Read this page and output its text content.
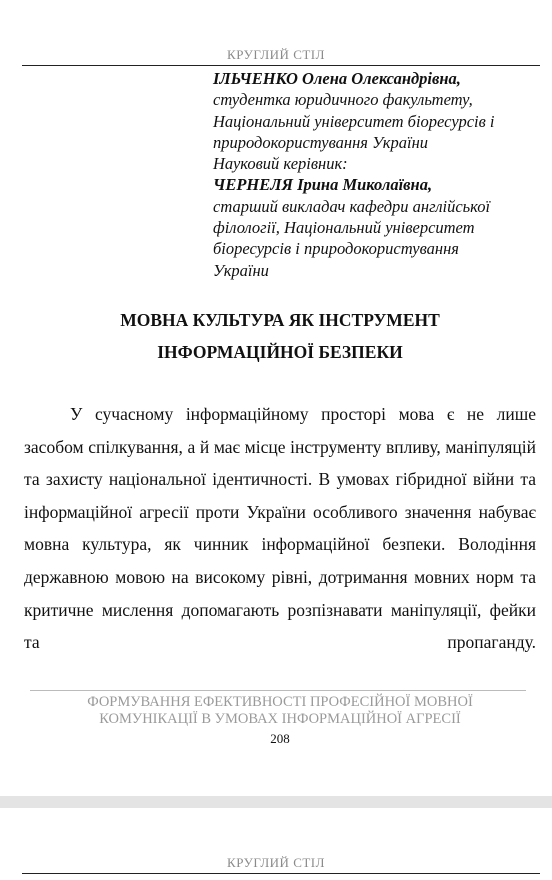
КРУГЛИЙ СТІЛ
ІЛЬЧЕНКО Олена Олександрівна,
студентка юридичного факультету,
Національний університет біоресурсів і
природокористування України
Науковий керівник:
ЧЕРНЕЛЯ Ірина Миколаївна,
старший викладач кафедри англійської
філології, Національний університет
біоресурсів і природокористування
України
МОВНА КУЛЬТУРА ЯК ІНСТРУМЕНТ
ІНФОРМАЦІЙНОЇ БЕЗПЕКИ

У сучасному інформаційному просторі мова є не лише засобом спілкування, а й має місце інструменту впливу, маніпуляцій та захисту національної ідентичності. В умовах гібридної війни та інформаційної агресії проти України особливого значення набуває мовна культура, як чинник інформаційної безпеки. Володіння державною мовою на високому рівні, дотримання мовних норм та критичне мислення допомагають розпізнавати маніпуляції, фейки та пропаганду.

ФОРМУВАННЯ ЕФЕКТИВНОСТІ ПРОФЕСІЙНОЇ МОВНОЇ
КОМУНІКАЦІЇ В УМОВАХ ІНФОРМАЦІЙНОЇ АГРЕСІЇ
208
КРУГЛИЙ СТІЛ
